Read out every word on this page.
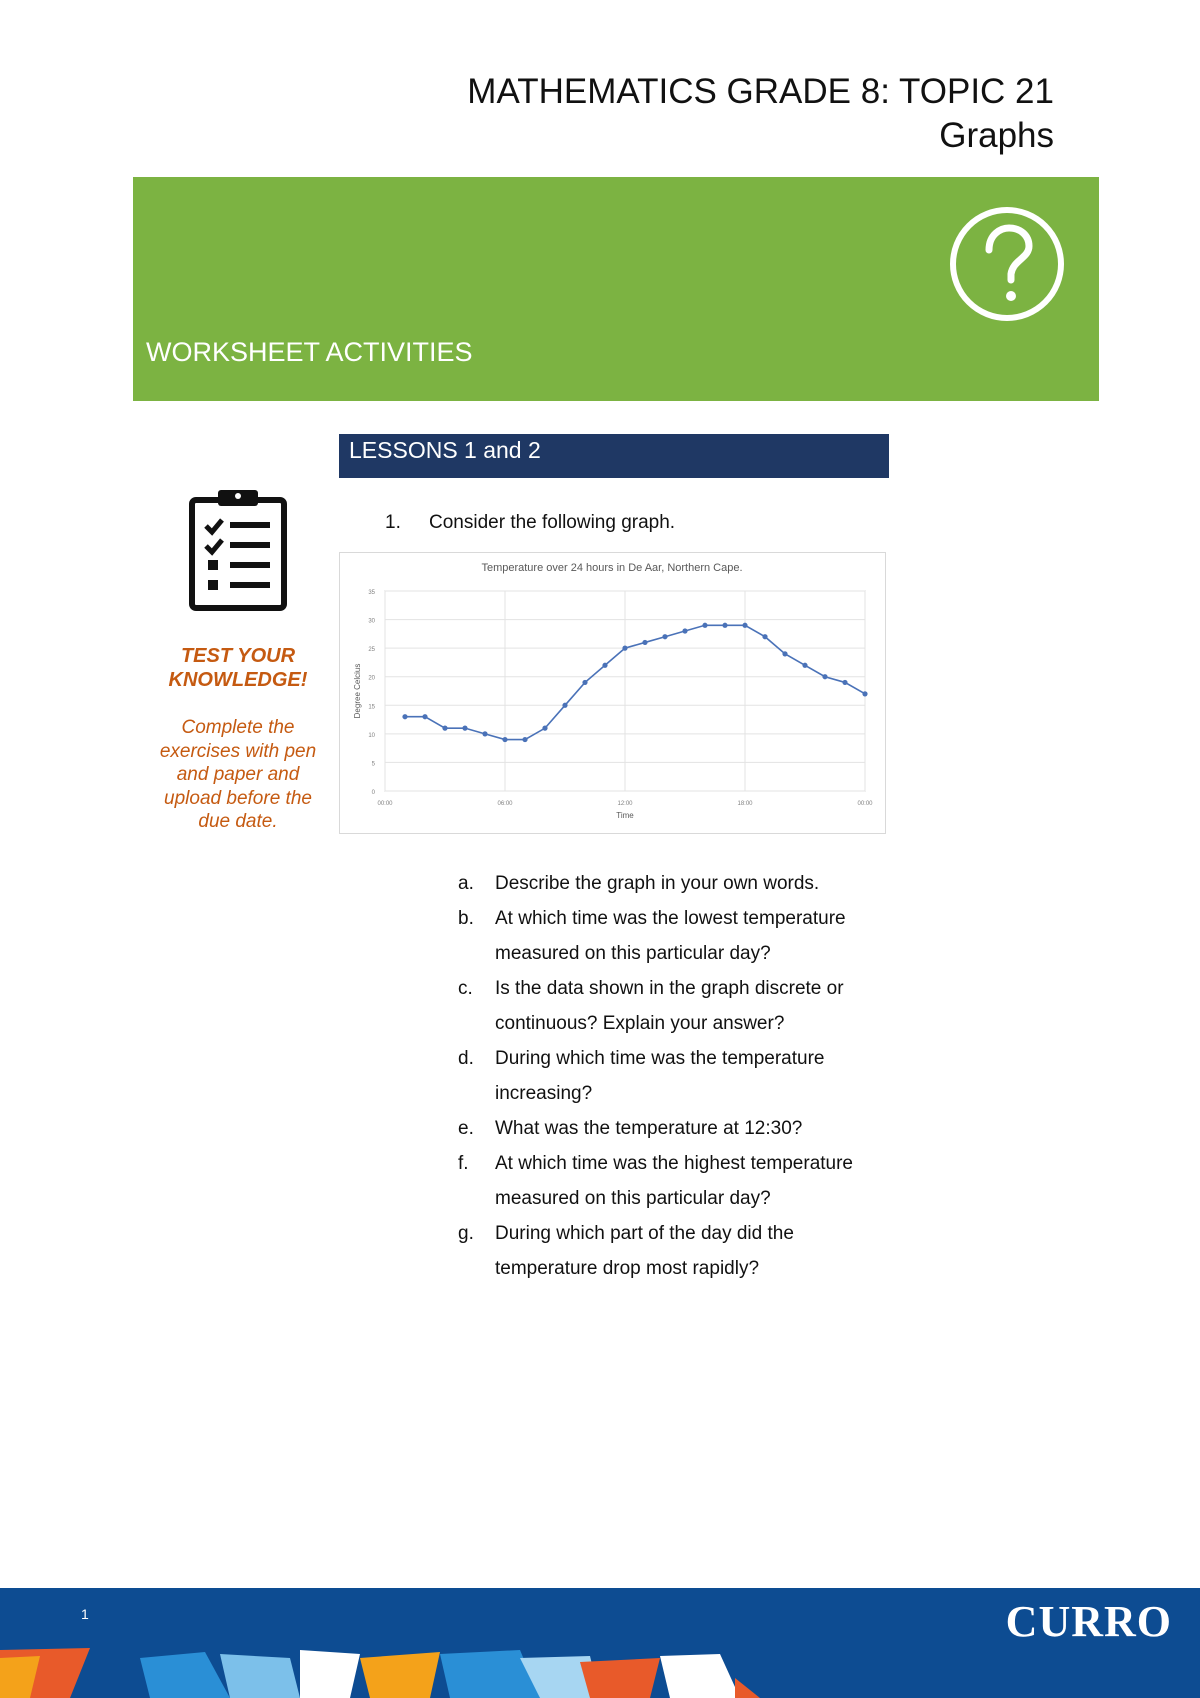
MATHEMATICS GRADE 8: TOPIC 21
Graphs
WORKSHEET ACTIVITIES
LESSONS 1 and 2
TEST YOUR
KNOWLEDGE!
Complete the
exercises with pen
and paper and
upload before the
due date.
1. Consider the following graph.
Temperature over 24 hours in De Aar, Northern Cape.
Degree Celcius
Time
0
5
10
15
20
25
30
35
00:00	06:00	12:00	18:00	00:00
a.	Describe the graph in your own words.
b.	At which time was the lowest temperature measured on this particular day?
c.	Is the data shown in the graph discrete or continuous? Explain your answer?
d.	During which time was the temperature increasing?
e.	What was the temperature at 12:30?
f.	At which time was the highest temperature measured on this particular day?
g.	During which part of the day did the temperature drop most rapidly?
1	CURRO
